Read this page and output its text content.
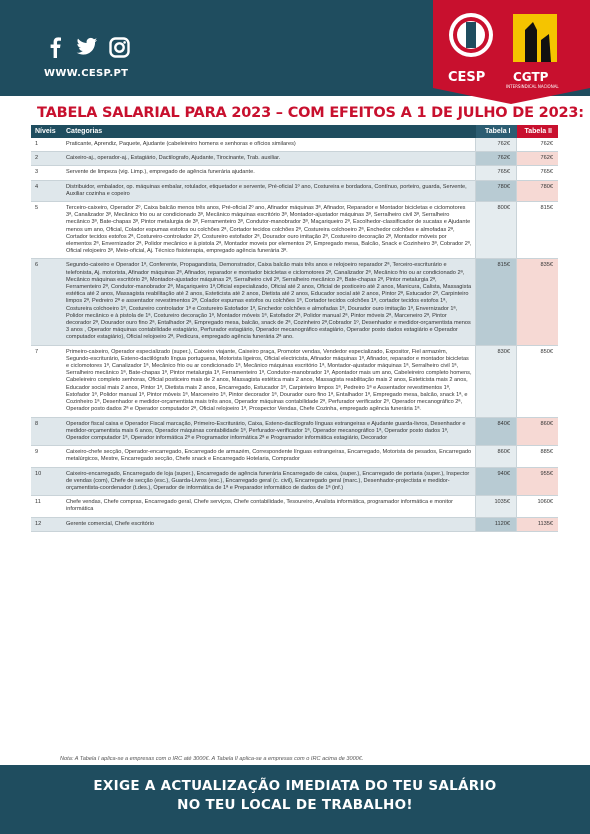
WWW.CESP.PT	CESP CGTP
INTERSINDICAL NACIONAL
TABELA SALARIAL PARA 2023 – COM EFEITOS A 1 DE JULHO DE 2023:
Níveis	Categorias	Tabela I	Tabela II
1	Praticante, Aprendiz, Paquete, Ajudante (cabeleireiro homens e senhoras e ofícios similares)	762€	762€
2	Caixeiro-aj., operador-aj., Estagiário, Dactilografo, Ajudante, Tirocinante, Trab. auxiliar.	762€	762€
3	Servente de limpeza (vig. Limp.), empregado de agência funerária ajudante.	765€	765€
4	Distribuidor, embalador, op. máquinas embalar, rotulador, etiquetador e servente, Pré-oficial 1º ano, Costureira e bordadora, Contínuo, porteiro, guarda, Servente, Auxiliar cozinha e copeiro	780€	780€
5	Terceiro-caixeiro, Operador 2º, Caixa balcão menos três anos, Pré-oficial 2º ano, Afinador máquinas 3ª, Afinador, Reparador e Montador bicicletas e ciclomotores 3ª, Canalizador 3ª, Mecânico frio ou ar condicionado 3ª, Mecânico máquinas escritório 3ª, Montador-ajustador máquinas 3ª, Serralheiro civil 3ª, Serralheiro mecânico 3ª, Bate-chapas 3ª, Pintor metalurgia de 3ª, Ferramenteiro 3ª, Condutor-manobrador 3ª, Maçariqueiro 2ª, Escolhedor-classificador de sucatas e Ajudante menos um ano, Oficial, Colador espumas estofos ou colchões 2ª, Cortador tecidos colchões 2ª, Costureira colchoeiro 2ª, Enchedor colchões e almofadas 2ª, Cortador tecidos estofos 2ª, Costureiro-controlador 2ª, Costureiro estofador 2ª, Dourador ouro imitação 2ª, Costureiro decoração 2ª, Montador móveis por elementos 2ª, Envernizador 2ª, Polidor mecânico e à pistola 2ª, Montador moveis por elementos 2ª, Empregado mesa, Balcão, Snack e Cozinheiro 3ª, Cobrador 2º, Oficial relojoeiro 3ª, Meio-oficial, Aj. Técnico fisioterapia, empregado agência funerária 3ª.	800€	815€
6	Segundo-caixeiro e Operador 1ª, Conferente, Propagandista, Demonstrador, Caixa balcão mais três anos e relojoeiro reparador 2ª, Terceiro-escriturário e telefonista, Aj. motorista, Afinador máquinas 2ª, Afinador, reparador e montador bicicletas e ciclomotores 2ª, Canalizador 2ª, Mecânico frio ou ar condicionado 2ª, Mecânico máquinas escritório 2ª, Montador-ajustador máquinas 2ª, Serralheiro civil 2ª, Serralheiro mecânico 2ª, Bate-chapas 2ª, Pintor metalurgia 2ª, Ferramenteiro 2ª, Condutor-manobrador 2ª, Maçariqueiro 1ª,Oficial especializado, Oficial até 2 anos, Oficial de posticeiro até 2 anos, Manicura, Calista, Massagista estética até 2 anos, Massagista reabilitação até 2 anos, Esteticista até 2 anos, Dietista até 2 anos, Educador social até 2 anos, Pintor 2ª, Estucador 2ª, Carpinteiro limpos 2ª, Pedreiro 2ª e assentador revestimentos 2ª, Colador espumas estofos ou colchões 1ª, Cortador tecidos colchões 1ª, cortador tecidos estofos 1ª, Costureira colchoeiro 1ª, Costureiro controlador 1ª e Costureiro Estofador 1ª, Enchedor colchões e almofadas 1ª, Dourador ouro imitação 1ª, Envernizador 1ª, Polidor mecânico e à pistola de 1ª, Costureiro decoração 1ª, Montador móveis 1ª, Estofador 2ª, Polidor manual 2ª, Pintor móveis 2ª, Marceneiro 2ª, Pintor decorador 2ª, Dourador ouro fino 2ª, Entalhador 2ª, Empregado mesa, balcão, snack de 2ª, Cozinheiro 2ª,Cobrador 1º, Desenhador e medidor-orçamentista menos 3 anos , Operador máquinas contabilidade estagiário, Perfurador estagiário, Operador mecanográfico estagiário, Operador posto dados estagiário e Operador computador estagiário), Oficial relojoeiro 2ª, Pedicura, empregado agência funerária 2ª ano.	815€	835€
7	Primeiro-caixeiro, Operador especializado (super.), Caixeiro viajante, Caixeiro praça, Promotor vendas, Vendedor especializado, Expositor, Fiel armazém, Segundo-escriturário, Esteno-dactilógrafo língua portuguesa, Motorista ligeiros, Oficial electricista, Afinador máquinas 1ª, Afinador, reparador e montador bicicletas e ciclomotores 1ª, Canalizador 1ª, Mecânico frio ou ar condicionado 1ª, Mecânico máquinas escritório 1ª, Montador-ajustador máquinas 1ª, Serralheiro civil 1ª, Serralheiro mecânico 1ª, Bate-chapas 1ª, Pintor metalurgia 1ª, Ferramenteiro 1ª, Condutor-manobrador 1ª, Apontador mais um ano, Cabeleireiro completo homens, Cabeleireiro completo senhoras, Oficial posticeiro mais de 2 anos, Massagista estética mais 2 anos, Massagista reabilitação mais 2 anos, Esteticista mais 2 anos, Educador social mais 2 anos, Pintor 1ª, Dietista mais 2 anos, Encarregado, Estucador 1ª, Carpinteiro limpos 1ª, Pedreiro 1ª e Assentador revestimentos 1ª, Estofador 1ª, Polidor manual 1ª, Pintor móveis 1ª, Marceneiro 1ª, Pintor decorador 1ª, Dourador ouro fino 1ª, Entalhador 1ª, Empregado mesa, balcão, snack 1ª, e Cozinheiro 1ª, Desenhador e medidor-orçamentista mais três anos, Operador máquinas contabilidade 2ª, Perfurador verificador 2ª, Operador mecanográfico 2ª, Operador posto dados 2ª e Operador computador 2ª, Oficial relojoeiro 1ª, Prospector Vendas, Chefe Cozinha, empregado agência funerária 1ª.	830€	850€
8	Operador fiscal caixa e Operador Fiscal marcação, Primeiro-Escriturário, Caixa, Esteno-dactilografo línguas estrangeiras e Ajudante guarda-livros, Desenhador e medidor-orçamentista mais 6 anos, Operador máquinas contabilidade 1ª, Perfurador-verificador 1ª, Operador mecanográfico 1ª, Operador posto dados 1ª, Operador computador 1ª, Operador informática 2ª e Programador informática 2ª e Programador informática estagiário, Decorador	840€	860€
9	Caixeiro-chefe secção, Operador-encarregado, Encarregado de armazém, Correspondente línguas estrangeiras, Encarregado, Motorista de pesados, Encarregado metalúrgicos, Mestre, Encarregado secção, Chefe snack e Encarregado Hotelaria, Comprador	860€	885€
10	Caixeiro-encarregado, Encarregado de loja (super.), Encarregado de agência funerária Encarregado de caixa, (super.), Encarregado de portaria (super.), Inspector de vendas (com), Chefe de secção (esc.), Guarda-Livros (esc.), Encarregado geral (c. civil), Encarregado geral (marc.), Desenhador-projectista e medidor-orçamentista-coordenador (t.des.), Operador de informática de 1ª e Preparador informático de dados de 1ª (inf.)	940€	955€
11	Chefe vendas, Chefe compras, Encarregado geral, Chefe serviços, Chefe contabilidade, Tesoureiro, Analista informática, programador informática e monitor informática	1035€	1060€
12	Gerente comercial, Chefe escritório	1120€	1135€
Nota: A Tabela I aplica-se a empresas com o IRC até 3000€. A Tabela II aplica-se a empresas com o IRC acima de 3000€.
EXIGE A ACTUALIZAÇÃO IMEDIATA DO TEU SALÁRIO
NO TEU LOCAL DE TRABALHO!
